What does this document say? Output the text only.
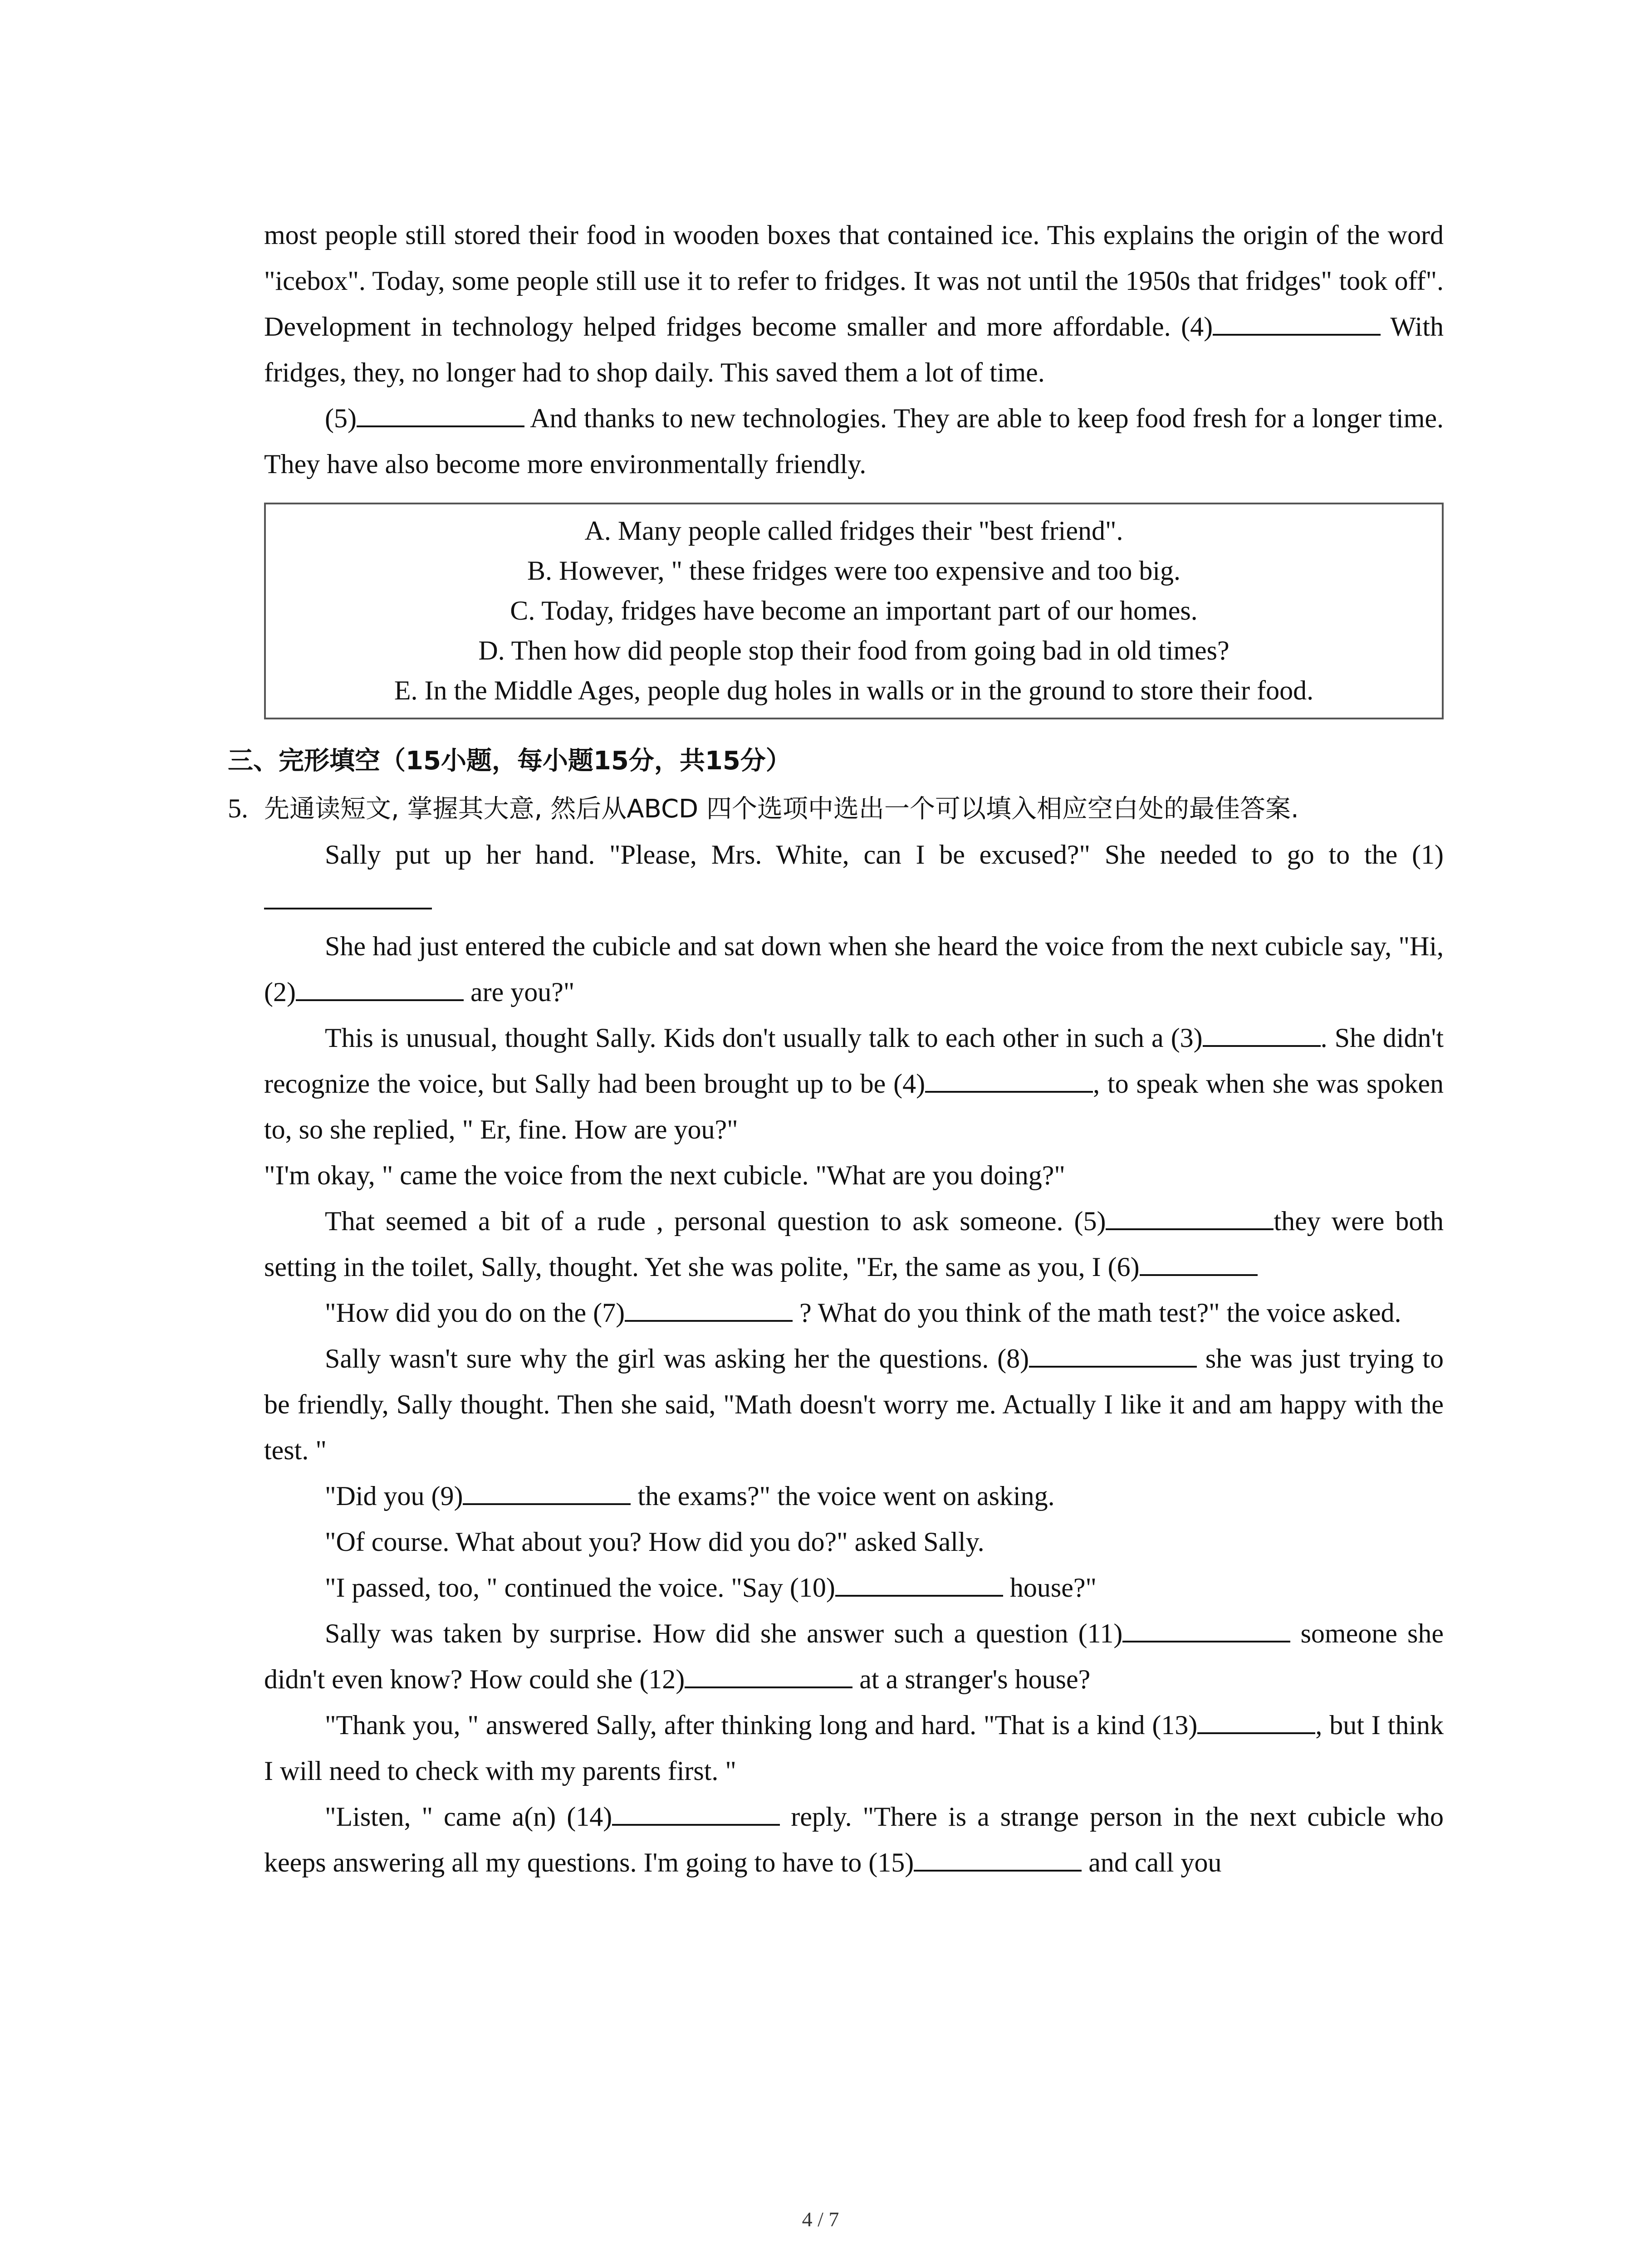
most people still stored their food in wooden boxes that contained ice. This explains the origin of the word "icebox". Today, some people still use it to refer to fridges. It was not until the 1950s that fridges" took off". Development in technology helped fridges become smaller and more affordable. (4)	With fridges, they, no longer had to shop daily. This saved them a lot of time.

(5)	And thanks to new technologies. They are able to keep food fresh for a longer time. They have also become more environmentally friendly.

A. Many people called fridges their "best friend".
B. However, " these fridges were too expensive and too big.
C. Today, fridges have become an important part of our homes.
D. Then how did people stop their food from going bad in old times?
E. In the Middle Ages, people dug holes in walls or in the ground to store their food.
三、完形填空（15小题，每小题15分，共15分）
5. 先通读短文, 掌握其大意, 然后从ABCD 四个选项中选出一个可以填入相应空白处的最佳答案.

Sally put up her hand. "Please, Mrs. White, can I be excused?" She needed to go to the (1)

She had just entered the cubicle and sat down when she heard the voice from the next cubicle say, "Hi, (2)	are you?"

This is unusual, thought Sally. Kids don't usually talk to each other in such a (3)	. She didn't recognize the voice, but Sally had been brought up to be (4)	, to speak when she was spoken to, so she replied, " Er, fine. How are you?"

"I'm okay, " came the voice from the next cubicle. "What are you doing?"

That seemed a bit of a rude , personal question to ask someone. (5)	they were both setting in the toilet, Sally, thought. Yet she was polite, "Er, the same as you, I (6)

"How did you do on the (7)	? What do you think of the math test?" the voice asked.

Sally wasn't sure why the girl was asking her the questions. (8)	she was just trying to be friendly, Sally thought. Then she said, "Math doesn't worry me. Actually I like it and am happy with the test. "

"Did you (9)	the exams?" the voice went on asking.

"Of course. What about you? How did you do?" asked Sally.

"I passed, too, " continued the voice. "Say (10)	house?"

Sally was taken by surprise. How did she answer such a question (11)	someone she didn't even know? How could she (12)	at a stranger's house?

"Thank you, " answered Sally, after thinking long and hard. "That is a kind (13)	, but I think I will need to check with my parents first. "

"Listen, " came a(n) (14)	reply. "There is a strange person in the next cubicle who keeps answering all my questions. I'm going to have to (15)	and call you

4 / 7
